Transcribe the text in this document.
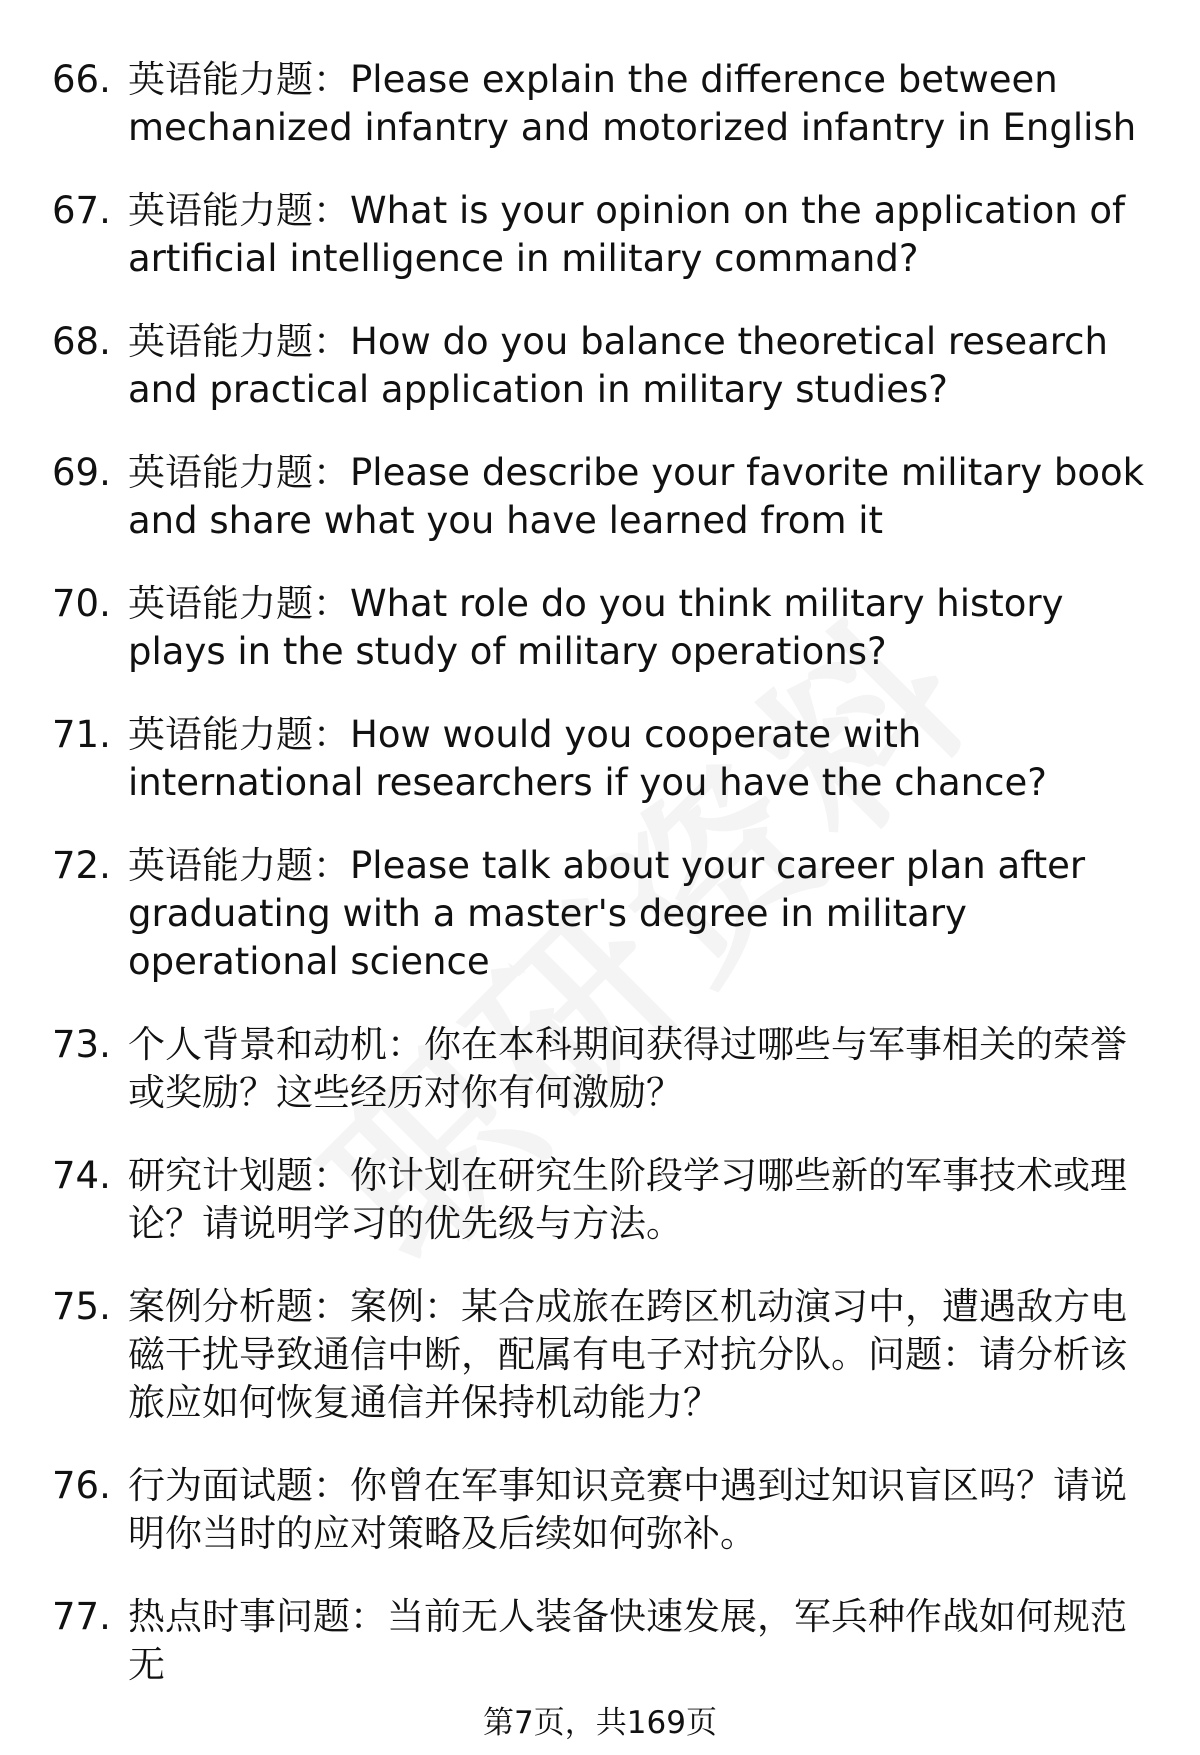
66. 英语能力题：Please explain the difference between mechanized infantry and motorized infantry in English
67. 英语能力题：What is your opinion on the application of artificial intelligence in military command?
68. 英语能力题：How do you balance theoretical research and practical application in military studies?
69. 英语能力题：Please describe your favorite military book and share what you have learned from it
70. 英语能力题：What role do you think military history plays in the study of military operations?
71. 英语能力题：How would you cooperate with international researchers if you have the chance?
72. 英语能力题：Please talk about your career plan after graduating with a master's degree in military operational science
73. 个人背景和动机：你在本科期间获得过哪些与军事相关的荣誉或奖励？这些经历对你有何激励？
74. 研究计划题：你计划在研究生阶段学习哪些新的军事技术或理论？请说明学习的优先级与方法。
75. 案例分析题：案例：某合成旅在跨区机动演习中，遭遇敌方电磁干扰导致通信中断，配属有电子对抗分队。问题：请分析该旅应如何恢复通信并保持机动能力？
76. 行为面试题：你曾在军事知识竞赛中遇到过知识盲区吗？请说明你当时的应对策略及后续如何弥补。
77. 热点时事问题：当前无人装备快速发展，军兵种作战如何规范无
第7页，共169页
